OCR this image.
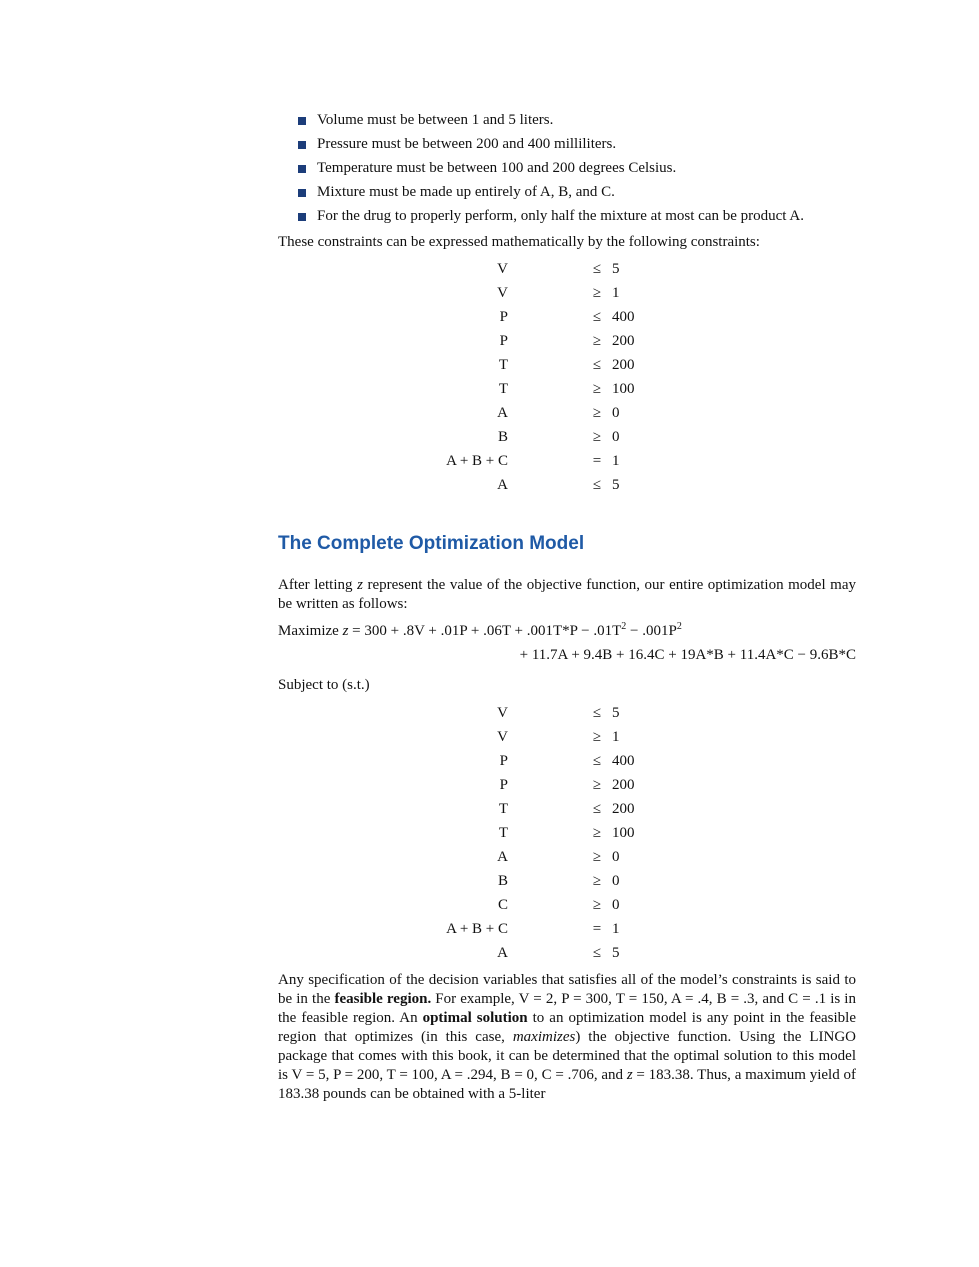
Volume must be between 1 and 5 liters.
Pressure must be between 200 and 400 milliliters.
Temperature must be between 100 and 200 degrees Celsius.
Mixture must be made up entirely of A, B, and C.
For the drug to properly perform, only half the mixture at most can be product A.

These constraints can be expressed mathematically by the following constraints:

V	≤ 5
V	≥ 1
P	≤ 400
P	≥ 200
T	≤ 200
T	≥ 100
A	≥ 0
B	≥ 0
A + B + C	= 1
A	≤ 5
The Complete Optimization Model

After letting z represent the value of the objective function, our entire optimization model may be written as follows:

Maximize $z = 300 + .8V + .01P + .06T + .001T*P - .01T^2 - .001P^2$
+ 11.7A + 9.4B + 16.4C + 19A*B + 11.4A*C − 9.6B*C
Subject to (s.t.)
V	≤ 5
V	≥ 1
P	≤ 400
P	≥ 200
T	≤ 200
T	≥ 100
A	≥ 0
B	≥ 0
C	≥ 0
A + B + C	= 1
A	≤ 5

Any specification of the decision variables that satisfies all of the model’s constraints is said to be in the feasible region. For example, V = 2, P = 300, T = 150, A = .4, B = .3, and C = .1 is in the feasible region. An optimal solution to an optimization model is any point in the feasible region that optimizes (in this case, maximizes) the objective function. Using the LINGO package that comes with this book, it can be determined that the optimal solution to this model is V = 5, P = 200, T = 100, A = .294, B = 0, C = .706, and z = 183.38. Thus, a maximum yield of 183.38 pounds can be obtained with a 5-liter
